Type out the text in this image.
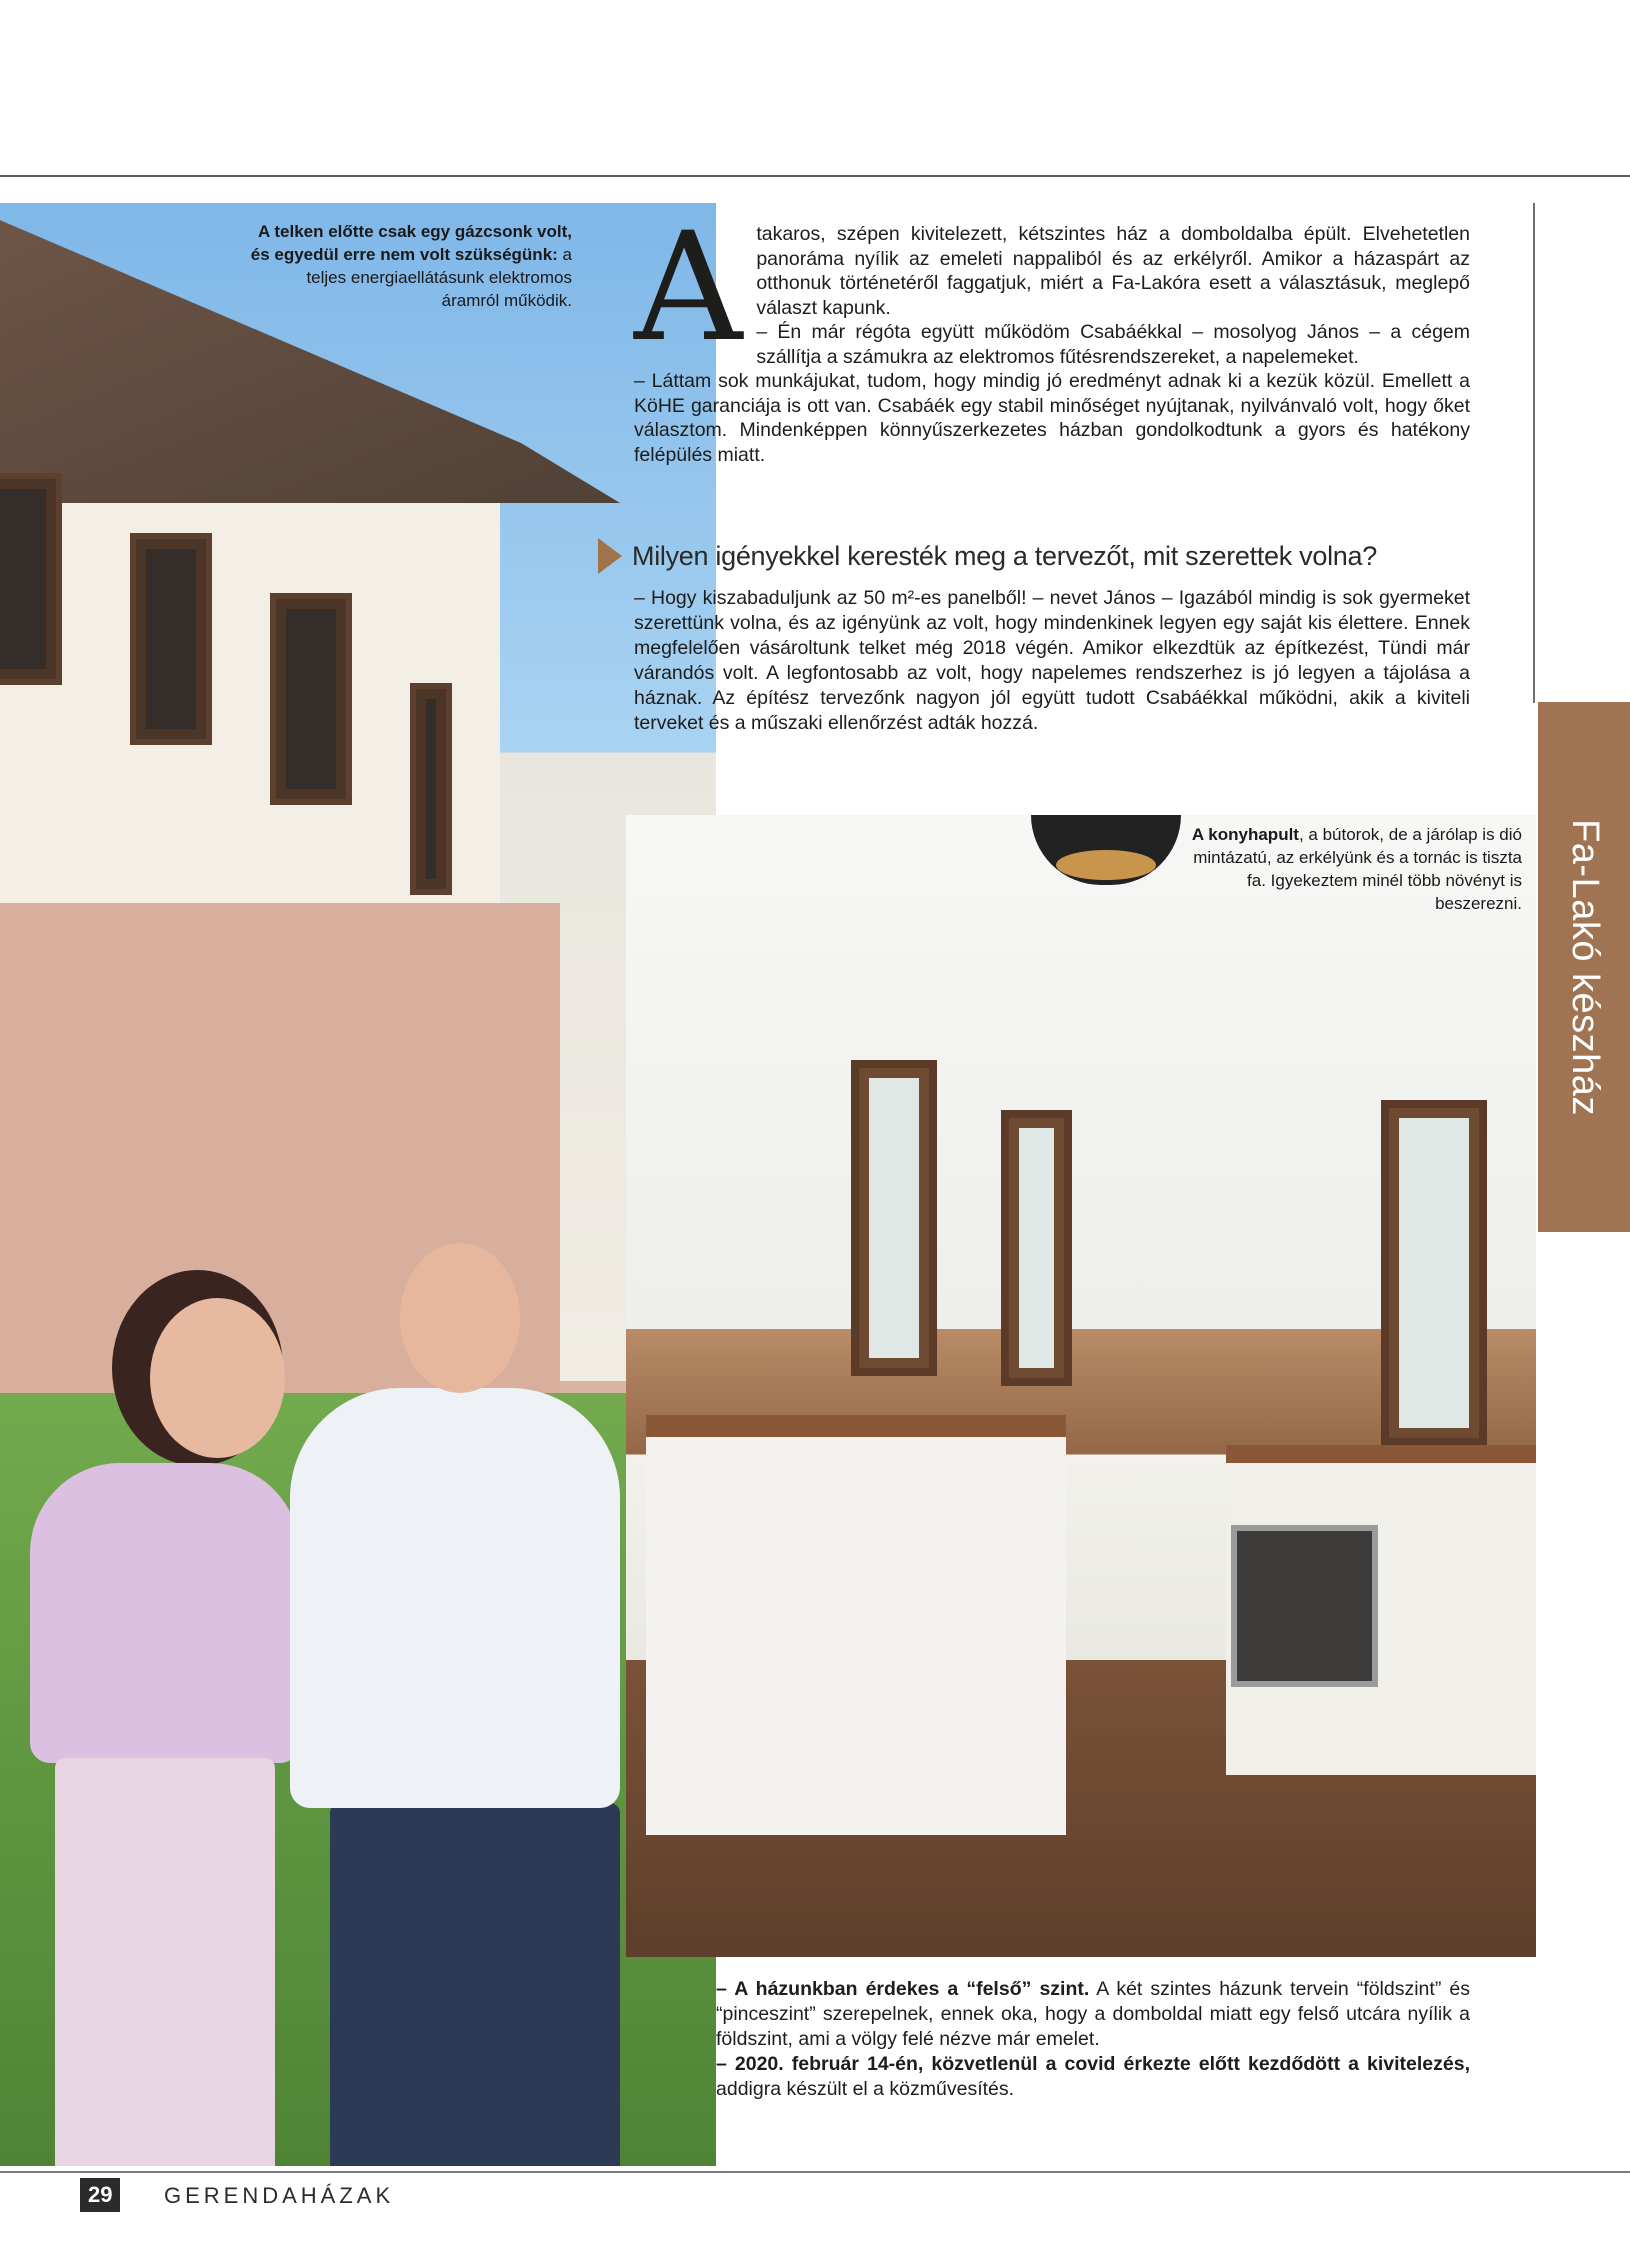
A telken előtte csak egy gázcsonk volt, és egyedül erre nem volt szükségünk: a teljes energiaellátásunk elektromos áramról működik. A takaros, szépen kivitelezett, kétszintes ház a domboldalba épült. Elvehetetlen panoráma nyílik az emeleti nappaliból és az erkélyről. Amikor a házaspárt az otthonuk történetéről faggatjuk, miért a Fa-Lakóra esett a választásuk, meglepő választ kapunk.

– Én már régóta együtt működöm Csabáékkal – mosolyog János – a cégem szállítja a számukra az elektromos fűtésrendszereket, a napelemeket.

– Láttam sok munkájukat, tudom, hogy mindig jó eredményt adnak ki a kezük közül. Emellett a KöHE garanciája is ott van. Csabáék egy stabil minőséget nyújtanak, nyilvánvaló volt, hogy őket választom. Mindenképpen könnyűszerkezetes házban gondolkodtunk a gyors és hatékony felépülés miatt.

Milyen igényekkel keresték meg a tervezőt, mit szerettek volna?

– Hogy kiszabaduljunk az 50 m²-es panelből! – nevet János – Igazából mindig is sok gyermeket szerettünk volna, és az igényünk az volt, hogy mindenkinek legyen egy saját kis élettere. Ennek megfelelően vásároltunk telket még 2018 végén. Amikor elkezdtük az építkezést, Tündi már várandós volt. A legfontosabb az volt, hogy napelemes rendszerhez is jó legyen a tájolása a háznak. Az építész tervezőnk nagyon jól együtt tudott Csabáékkal működni, akik a kiviteli terveket és a műszaki ellenőrzést adták hozzá.

A konyhapult, a bútorok, de a járólap is dió mintázatú, az erkélyünk és a tornác is tiszta fa. Igyekeztem minél több növényt is beszerezni.

– A házunkban érdekes a “felső” szint. A két szintes házunk tervein “földszint” és “pinceszint” szerepelnek, ennek oka, hogy a domboldal miatt egy felső utcára nyílik a földszint, ami a völgy felé nézve már emelet.

– 2020. február 14-én, közvetlenül a covid érkezte előtt kezdődött a kivitelezés, addigra készült el a közművesítés.

Fa-Lakó készház
29	GERENDAHÁZAK
